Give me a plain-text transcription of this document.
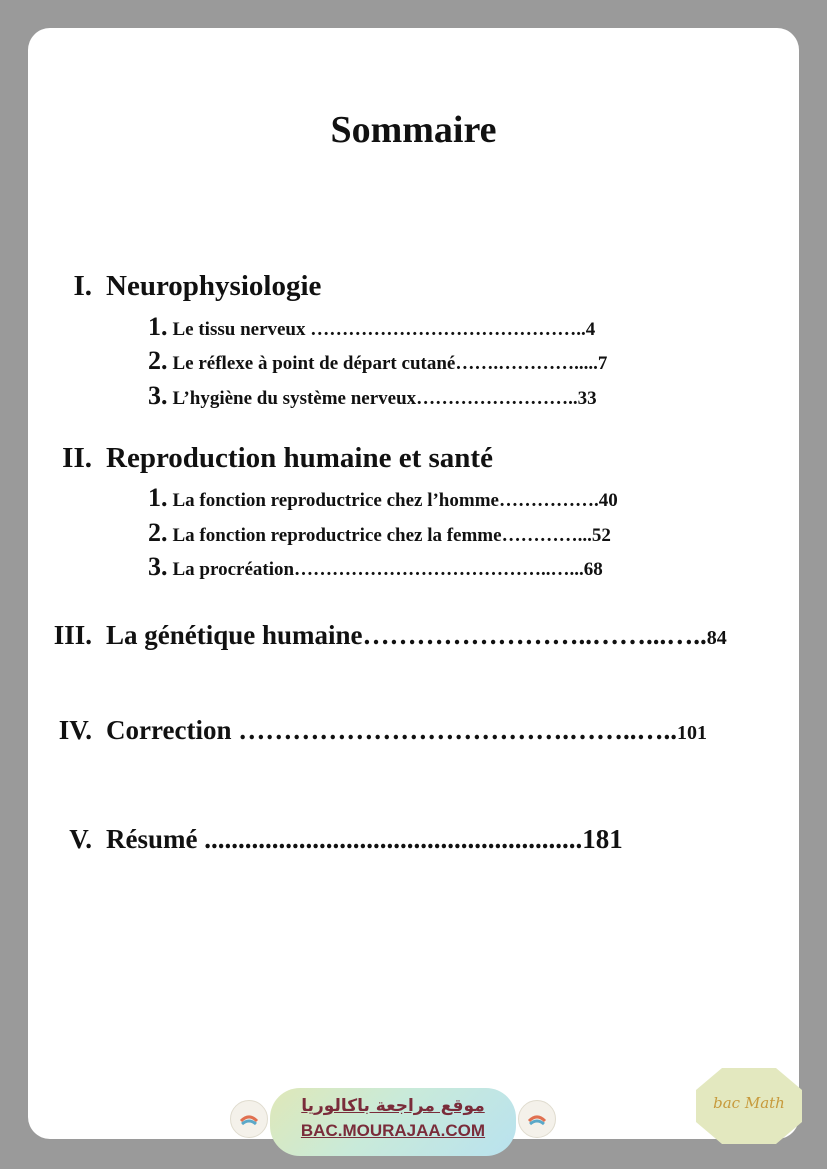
Sommaire
I. Neurophysiologie
1. Le tissu nerveux ……………………………………..4
2. Le réflexe à point de départ cutané…….………….....7
3. L’hygiène du système nerveux……………………..33
II. Reproduction humaine et santé
1. La fonction reproductrice chez l’homme…………….40
2. La fonction reproductrice chez la femme…………...52
3. La procréation…………………………………..…...68
III. La génétique humaine……………………..……...…..84
IV. Correction ……………………………….……..…..101
V. Résumé ........................................................181
موقع مراجعة باكالوريا
BAC.MOURAJAA.COM
bac Math
